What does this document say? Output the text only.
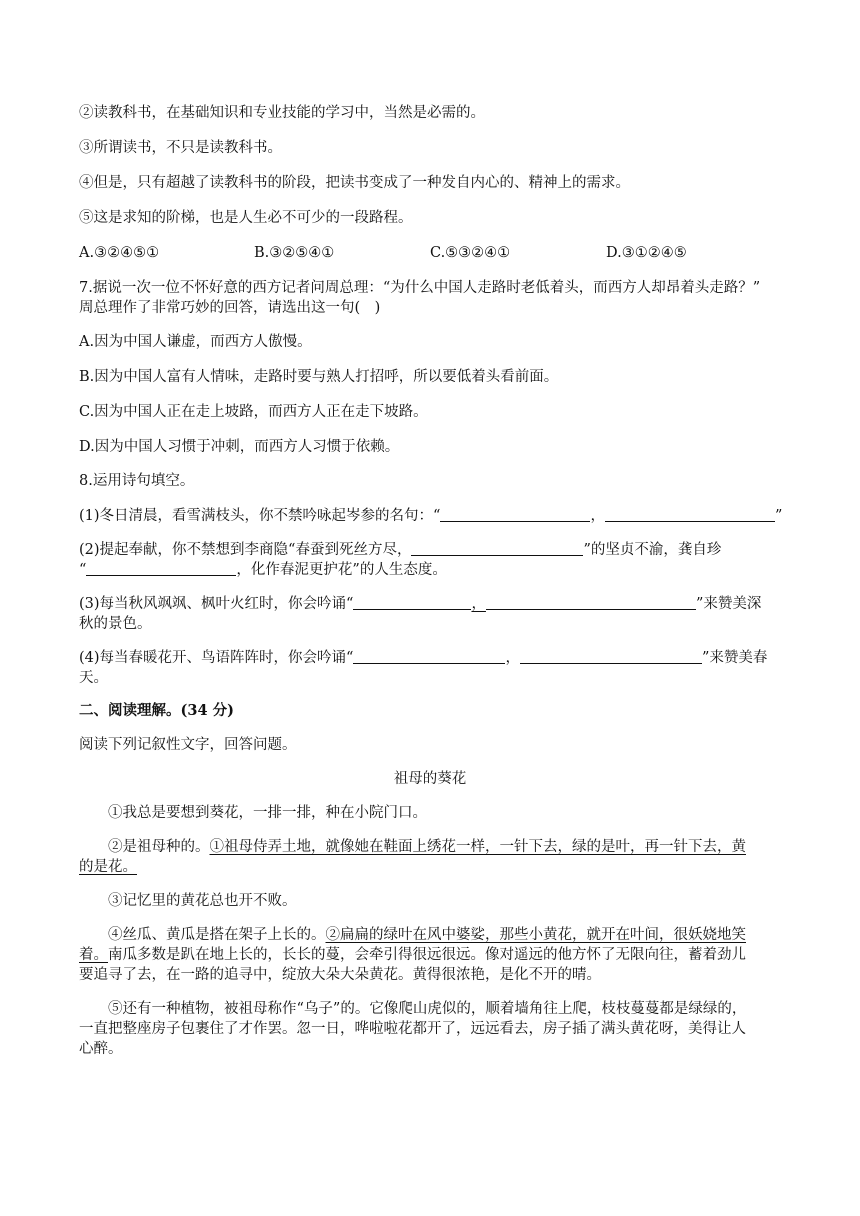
②读教科书，在基础知识和专业技能的学习中，当然是必需的。
③所谓读书，不只是读教科书。
④但是，只有超越了读教科书的阶段，把读书变成了一种发自内心的、精神上的需求。
⑤这是求知的阶梯，也是人生必不可少的一段路程。
A.③②④⑤①	B.③②⑤④①	C.⑤③②④①	D.③①②④⑤
7.据说一次一位不怀好意的西方记者问周总理：“为什么中国人走路时老低着头，而西方人却昂着头走路？”
周总理作了非常巧妙的回答，请选出这一句(　)
A.因为中国人谦虚，而西方人傲慢。
B.因为中国人富有人情味，走路时要与熟人打招呼，所以要低着头看前面。
C.因为中国人正在走上坡路，而西方人正在走下坡路。
D.因为中国人习惯于冲刺，而西方人习惯于依赖。
8.运用诗句填空。
(1)冬日清晨，看雪满枝头，你不禁吟咏起岑参的名句：“	，	”
(2)提起奉献，你不禁想到李商隐“春蚕到死丝方尽，	”的坚贞不渝，龚自珍
“	，化作春泥更护花”的人生态度。
(3)每当秋风飒飒、枫叶火红时，你会吟诵“	，	”来赞美深
秋的景色。
(4)每当春暖花开、鸟语阵阵时，你会吟诵“	，	”来赞美春
天。
二、阅读理解。(34 分)
阅读下列记叙性文字，回答问题。
祖母的葵花
①我总是要想到葵花，一排一排，种在小院门口。
②是祖母种的。①祖母侍弄土地，就像她在鞋面上绣花一样，一针下去，绿的是叶，再一针下去，黄
的是花。
③记忆里的黄花总也开不败。
④丝瓜、黄瓜是搭在架子上长的。②扁扁的绿叶在风中婆娑，那些小黄花，就开在叶间，很妖娆地笑
着。南瓜多数是趴在地上长的，长长的蔓，会牵引得很远很远。像对遥远的他方怀了无限向往，蓄着劲儿
要追寻了去，在一路的追寻中，绽放大朵大朵黄花。黄得很浓艳，是化不开的晴。
⑤还有一种植物，被祖母称作“乌子”的。它像爬山虎似的，顺着墙角往上爬，枝枝蔓蔓都是绿绿的，
一直把整座房子包裹住了才作罢。忽一日，哗啦啦花都开了，远远看去，房子插了满头黄花呀，美得让人
心醉。
